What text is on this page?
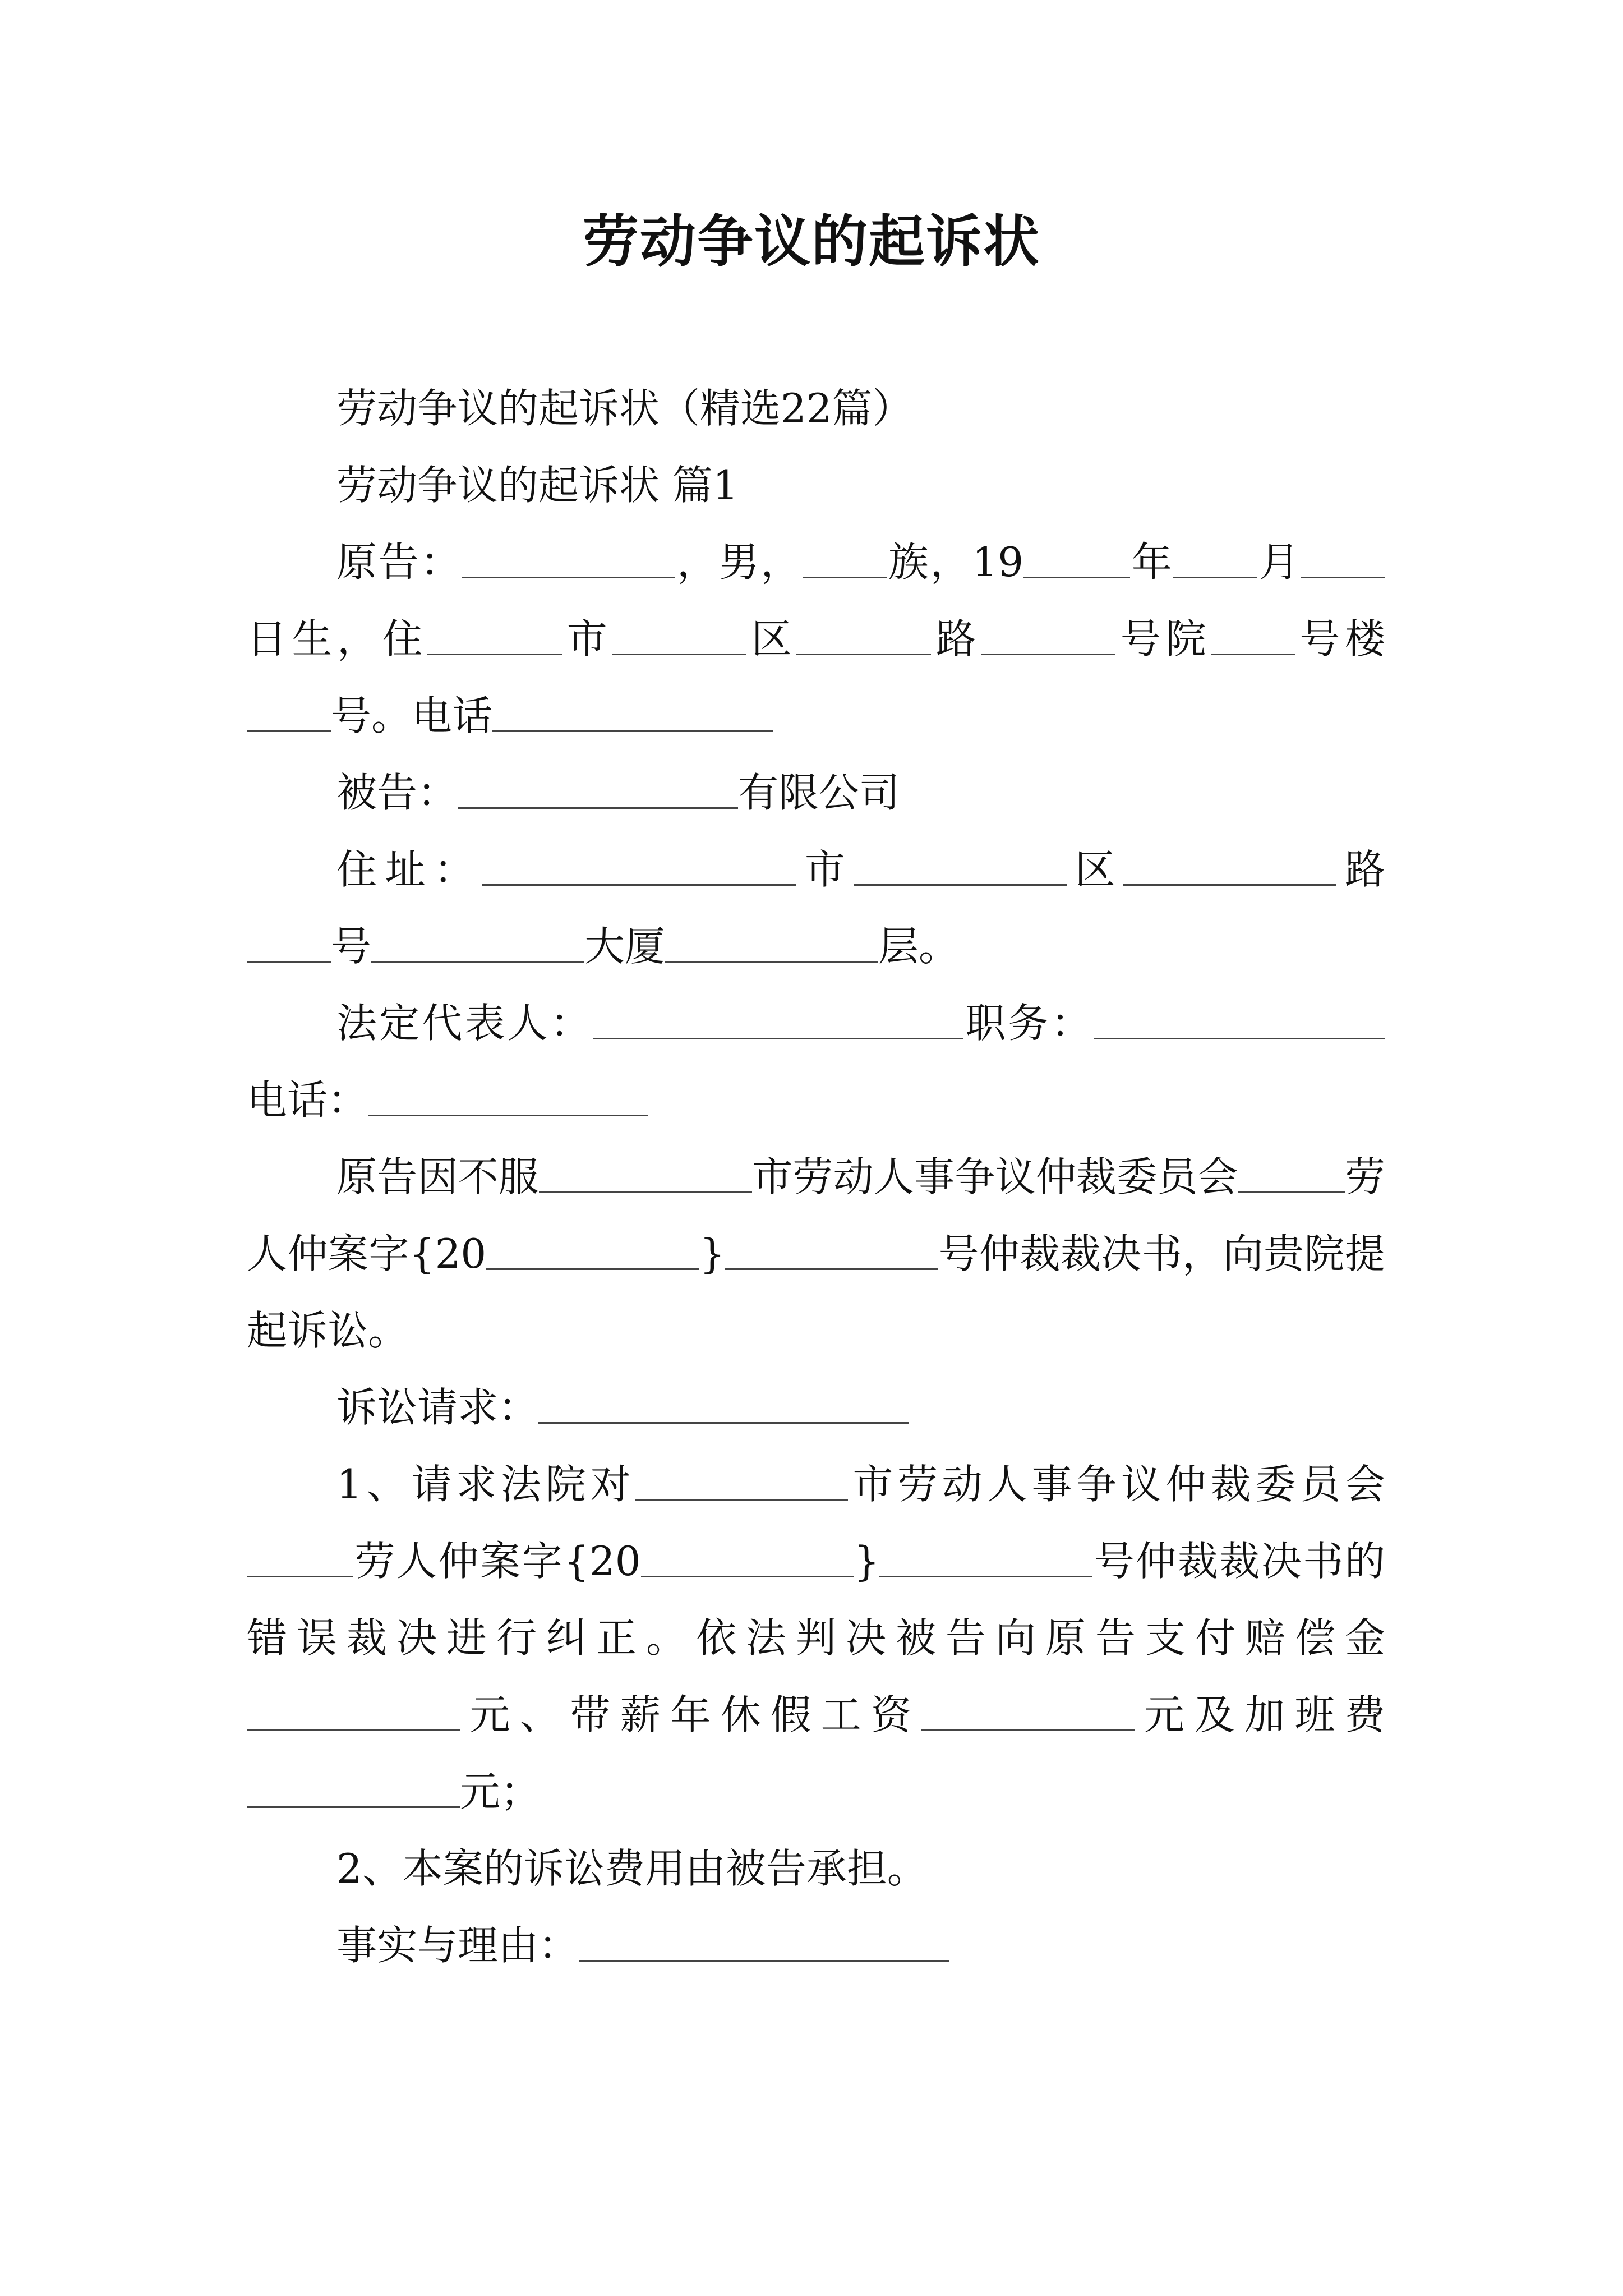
劳动争议的起诉状

劳动争议的起诉状（精选22篇）

劳动争议的起诉状 篇1

原告：	，男， 族，19	年 月日生，住	市	区	路	号院 号楼号。电话

被告：	有限公司

住址：	市	区	路号	大厦	层。

法定代表人：	职务：电话：

原告因不服	市劳动人事争议仲裁委员会	劳人仲案字{20	}	号仲裁裁决书，向贵院提起诉讼。

诉讼请求：

1、请求法院对	市劳动人事争议仲裁委员会劳人仲案字{20	}	号仲裁裁决书的错误裁决进行纠正。依法判决被告向原告支付赔偿金元、带薪年休假工资	元及加班费元；

2、本案的诉讼费用由被告承担。

事实与理由：
